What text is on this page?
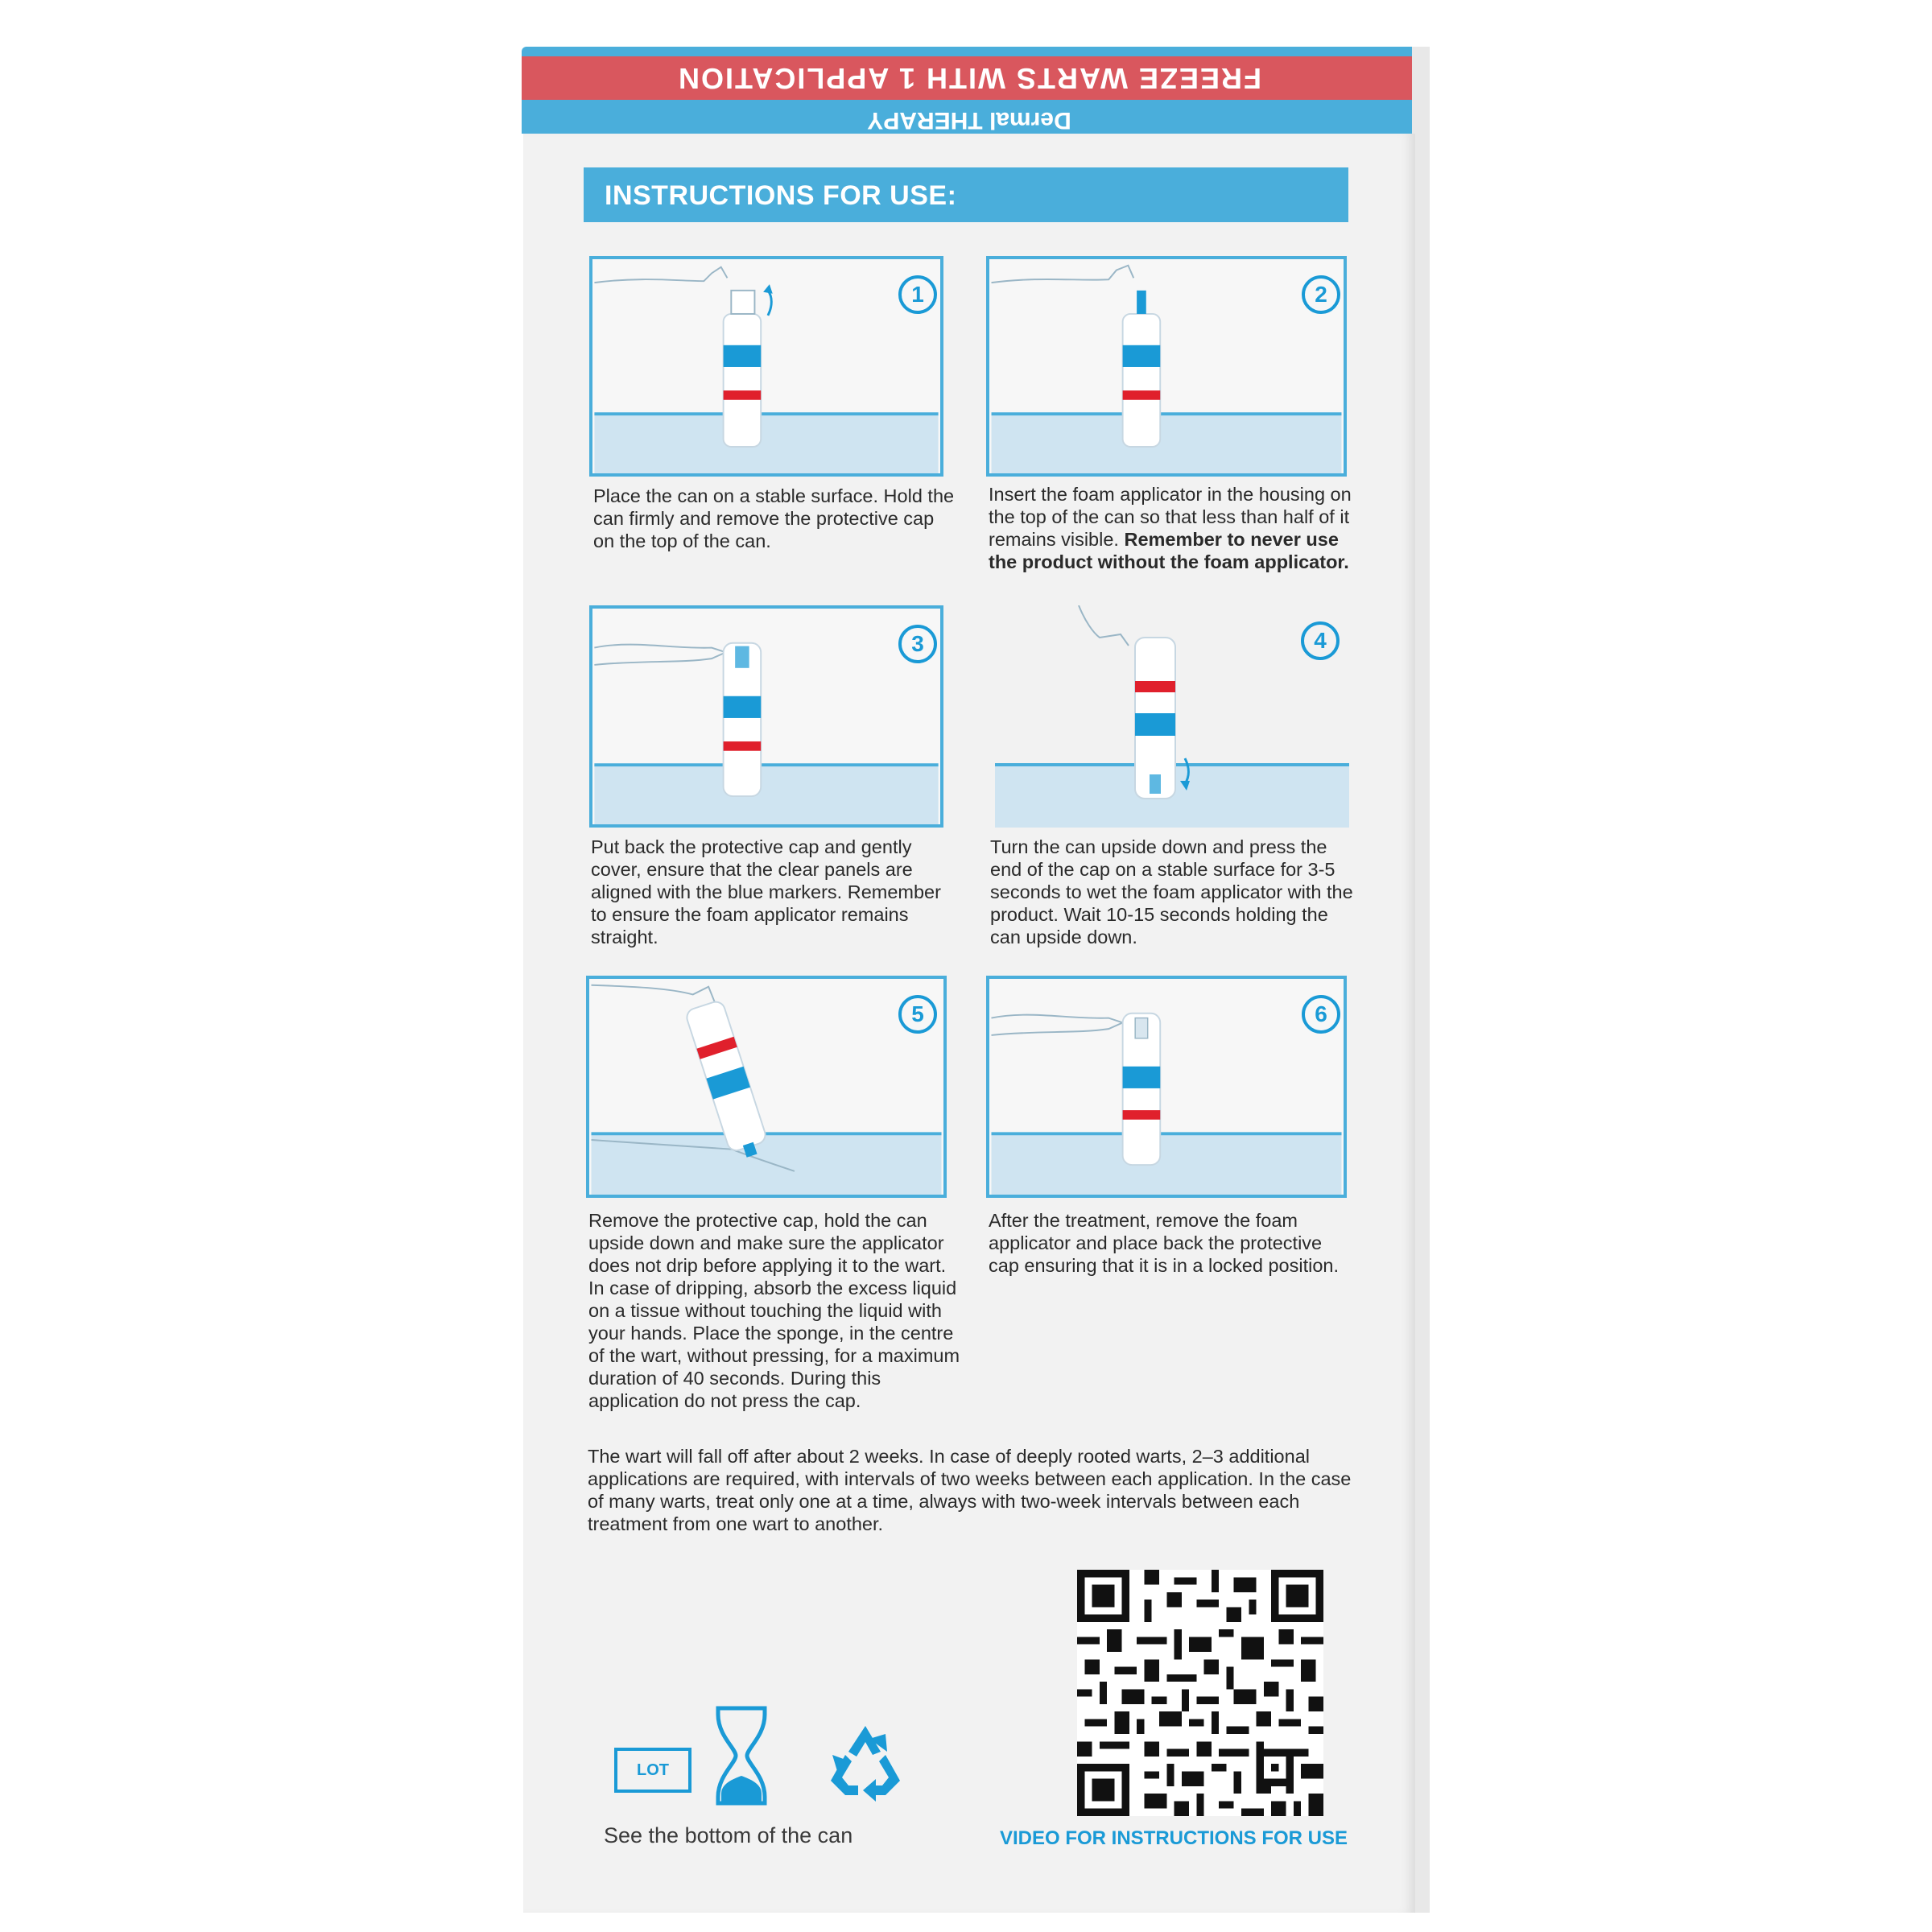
FREEZE WARTS WITH 1 APPLICATION
Dermal THERAPY
INSTRUCTIONS FOR USE:
1
Place the can on a stable surface. Hold the can firmly and remove the protective cap on the top of the can.
2
Insert the foam applicator in the housing on the top of the can so that less than half of it remains visible. Remember to never use the product without the foam applicator.
3
Put back the protective cap and gently cover, ensure that the clear panels are aligned with the blue markers. Remember to ensure the foam applicator remains straight.
4
Turn the can upside down and press the end of the cap on a stable surface for 3-5 seconds to wet the foam applicator with the product. Wait 10-15 seconds holding the can upside down.
5
Remove the protective cap, hold the can upside down and make sure the applicator does not drip before applying it to the wart. In case of dripping, absorb the excess liquid on a tissue without touching the liquid with your hands. Place the sponge, in the centre of the wart, without pressing, for a maximum duration of 40 seconds. During this application do not press the cap.
6
After the treatment, remove the foam applicator and place back the protective cap ensuring that it is in a locked position.
The wart will fall off after about 2 weeks. In case of deeply rooted warts, 2–3 additional applications are required, with intervals of two weeks between each application. In the case of many warts, treat only one at a time, always with two-week intervals between each treatment from one wart to another.
LOT
See the bottom of the can	VIDEO FOR INSTRUCTIONS FOR USE
